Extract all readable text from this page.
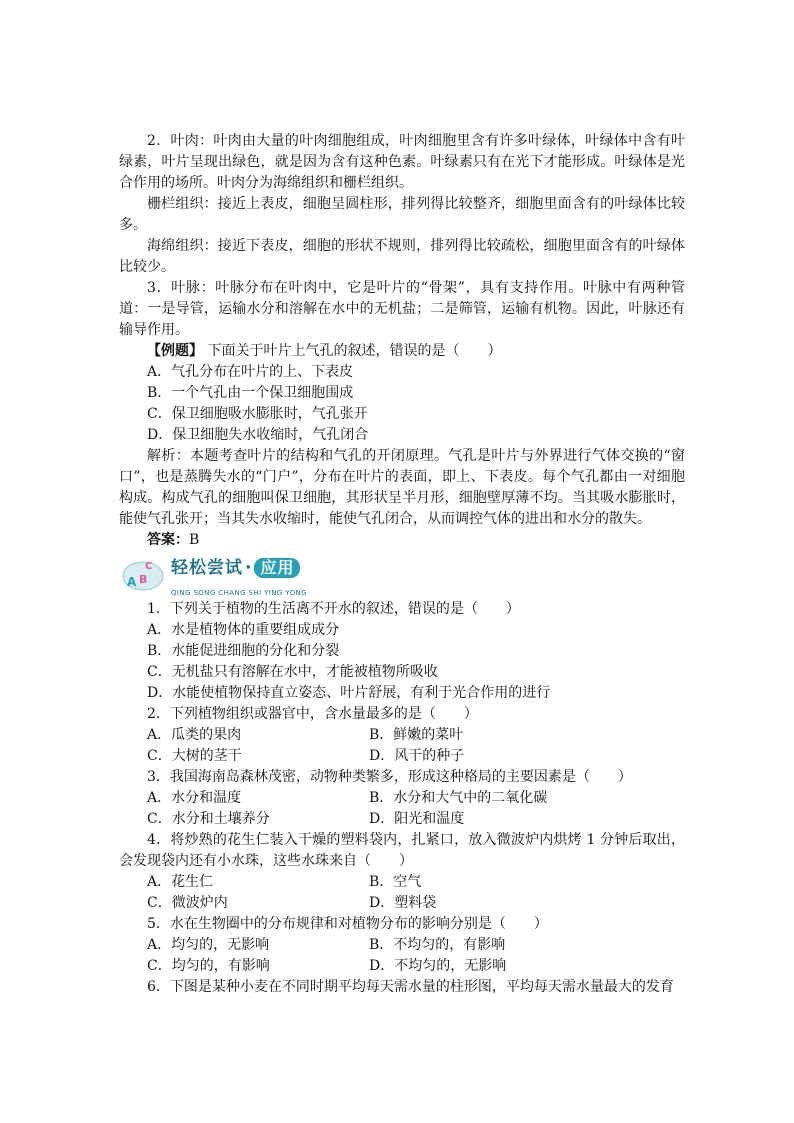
2．叶肉：叶肉由大量的叶肉细胞组成，叶肉细胞里含有许多叶绿体，叶绿体中含有叶绿素，叶片呈现出绿色，就是因为含有这种色素。叶绿素只有在光下才能形成。叶绿体是光合作用的场所。叶肉分为海绵组织和栅栏组织。

栅栏组织：接近上表皮，细胞呈圆柱形，排列得比较整齐，细胞里面含有的叶绿体比较多。

海绵组织：接近下表皮，细胞的形状不规则，排列得比较疏松，细胞里面含有的叶绿体比较少。

3．叶脉：叶脉分布在叶肉中，它是叶片的“骨架”，具有支持作用。叶脉中有两种管道：一是导管，运输水分和溶解在水中的无机盐；二是筛管，运输有机物。因此，叶脉还有输导作用。

【例题】 下面关于叶片上气孔的叙述，错误的是（　　）

A．气孔分布在叶片的上、下表皮

B．一个气孔由一个保卫细胞围成

C．保卫细胞吸水膨胀时，气孔张开

D．保卫细胞失水收缩时，气孔闭合

解析：本题考查叶片的结构和气孔的开闭原理。气孔是叶片与外界进行气体交换的“窗口”，也是蒸腾失水的“门户”，分布在叶片的表面，即上、下表皮。每个气孔都由一对细胞构成。构成气孔的细胞叫保卫细胞，其形状呈半月形，细胞壁厚薄不均。当其吸水膨胀时，能使气孔张开；当其失水收缩时，能使气孔闭合，从而调控气体的进出和水分的散失。

答案：B

C
A B
轻松尝试 · 应用
QING SONG CHANG SHI YING YONG

1．下列关于植物的生活离不开水的叙述，错误的是（　　）

A．水是植物体的重要组成成分

B．水能促进细胞的分化和分裂

C．无机盐只有溶解在水中，才能被植物所吸收

D．水能使植物保持直立姿态、叶片舒展，有利于光合作用的进行

2．下列植物组织或器官中，含水量最多的是（　　）

A．瓜类的果肉	B．鲜嫩的菜叶
C．大树的茎干	D．风干的种子

3．我国海南岛森林茂密，动物种类繁多，形成这种格局的主要因素是（　　）

A．水分和温度	B．水分和大气中的二氧化碳
C．水分和土壤养分	D．阳光和温度

4．将炒熟的花生仁装入干燥的塑料袋内，扎紧口，放入微波炉内烘烤 1 分钟后取出，会发现袋内还有小水珠，这些水珠来自（　　）

A．花生仁	B．空气
C．微波炉内	D．塑料袋

5．水在生物圈中的分布规律和对植物分布的影响分别是（　　）

A．均匀的，无影响	B．不均匀的，有影响
C．均匀的，有影响	D．不均匀的，无影响

6．下图是某种小麦在不同时期平均每天需水量的柱形图，平均每天需水量最大的发育
